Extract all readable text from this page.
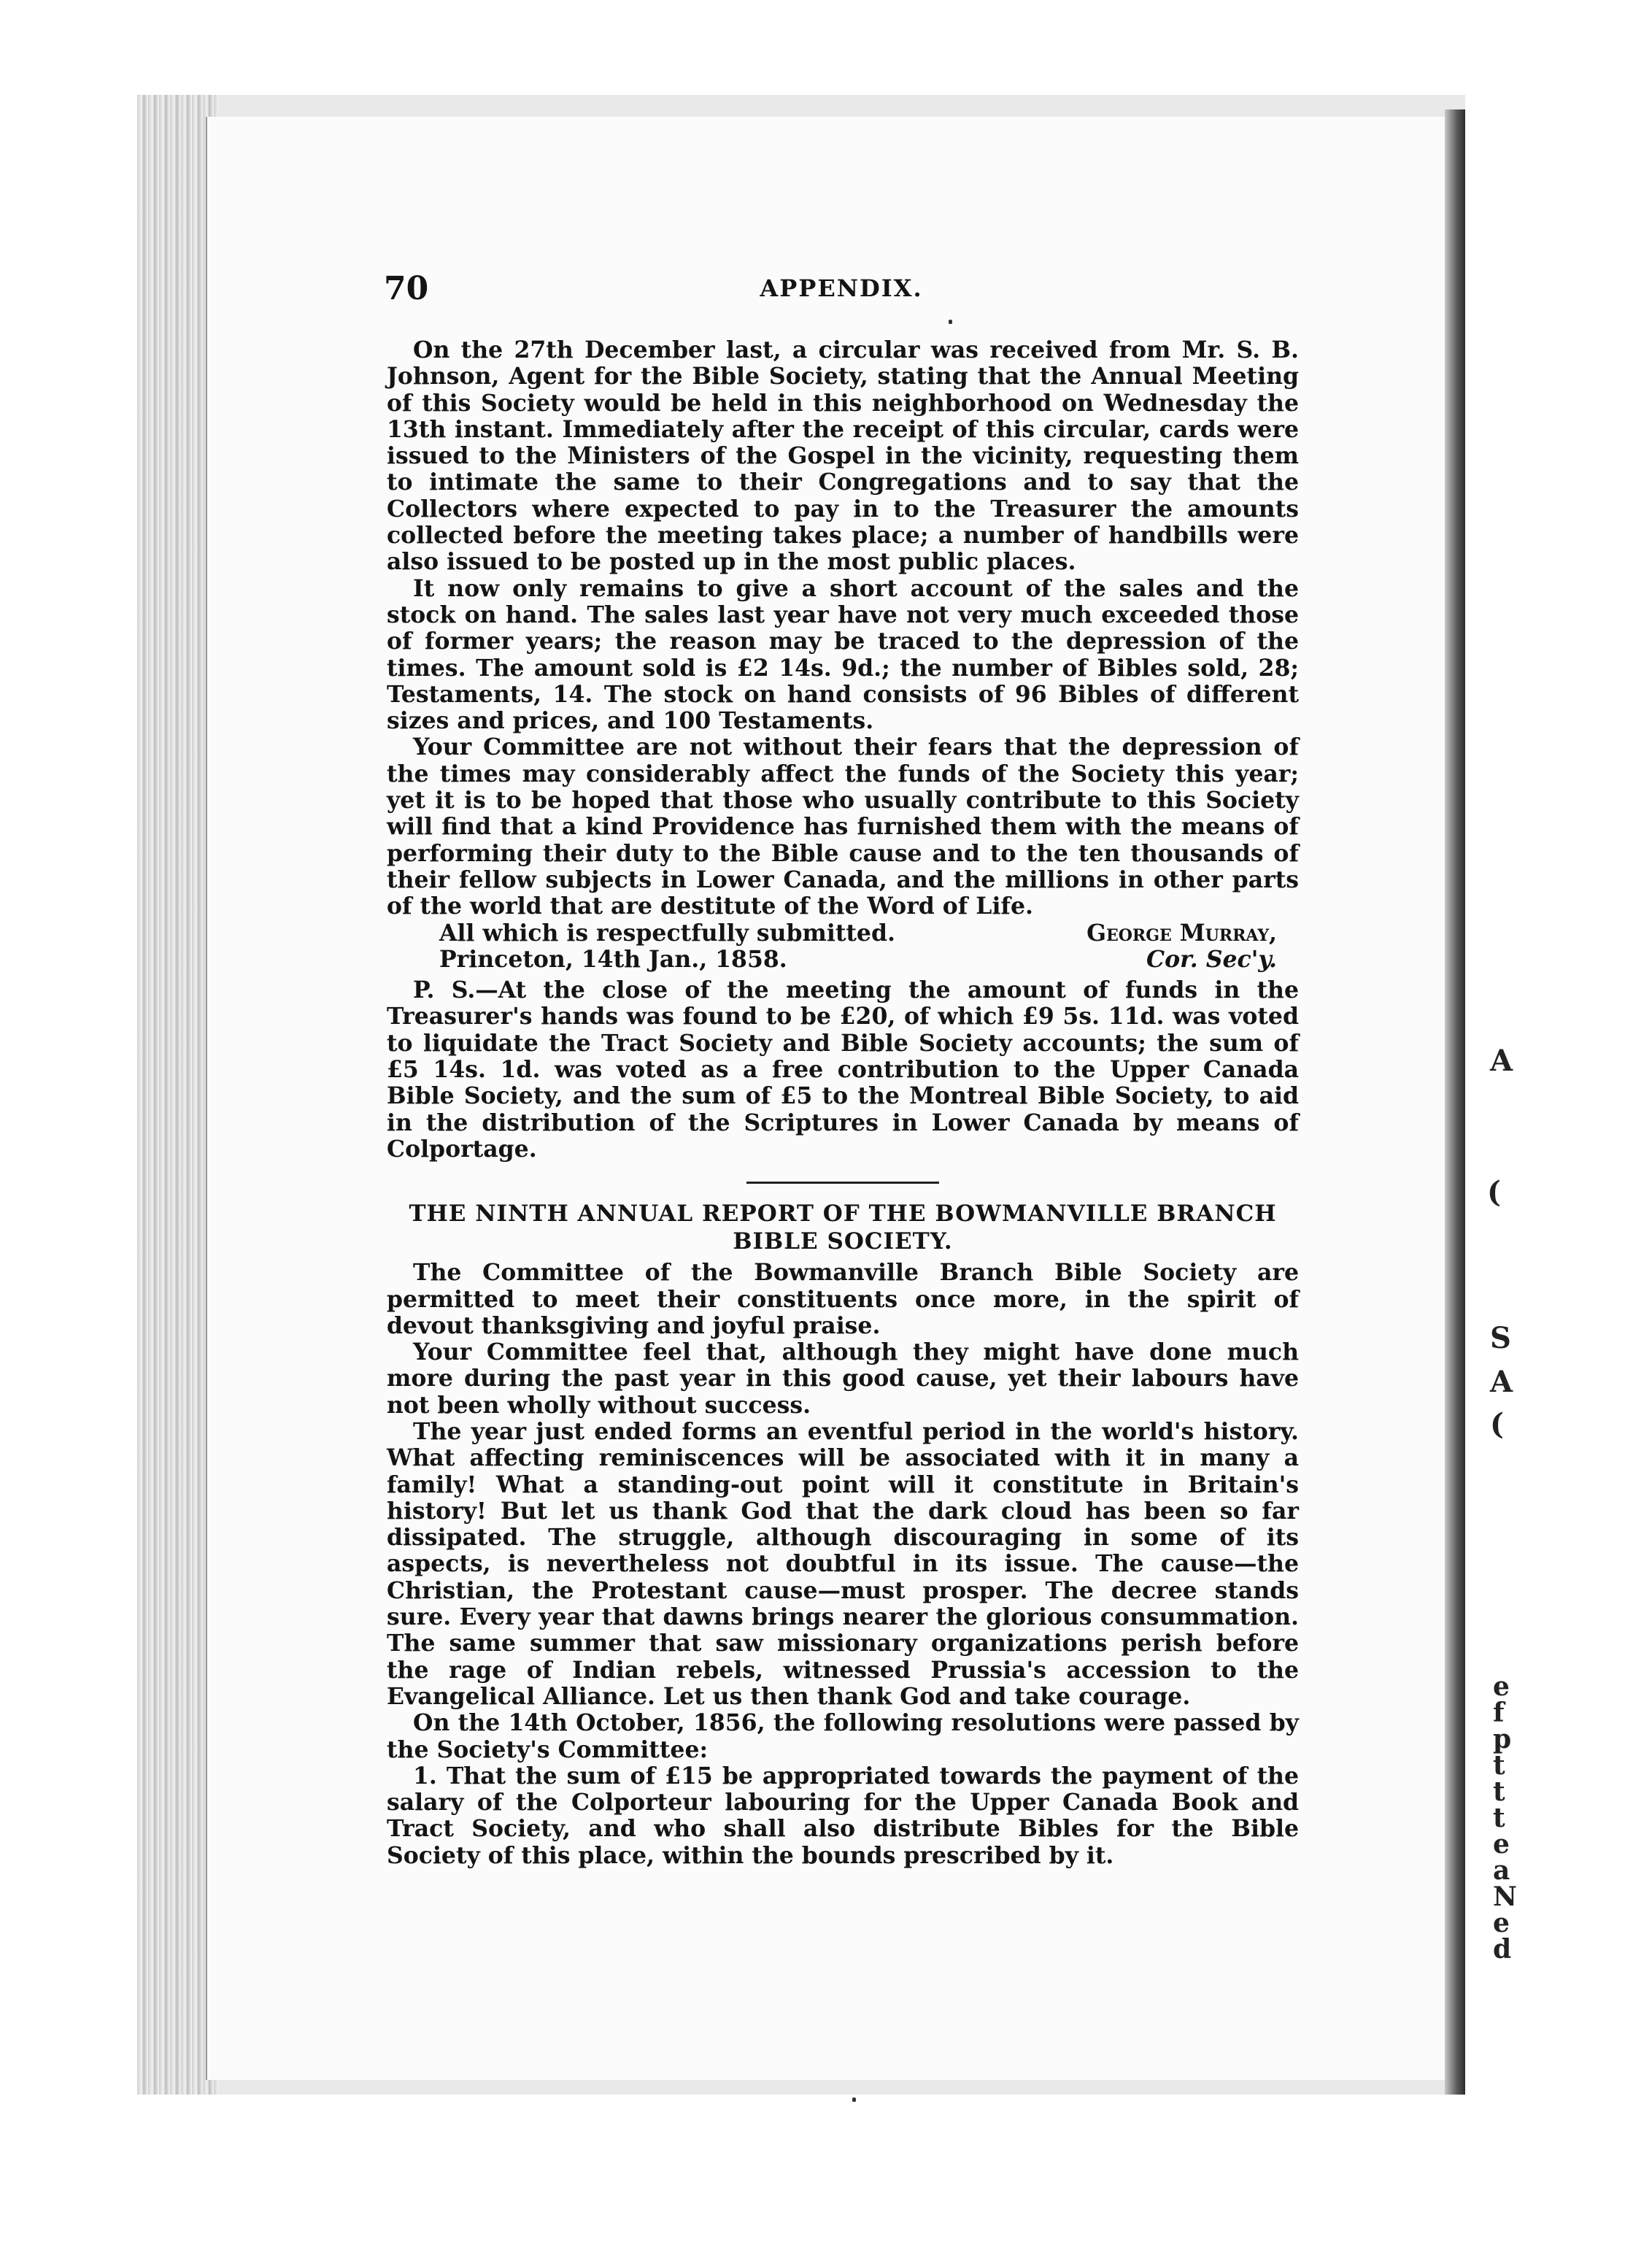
A
(
S
A
(
e
f
p
t
t
t
e
a
N
e
d
70	APPENDIX.

On the 27th December last, a circular was received from Mr. S. B. Johnson, Agent for the Bible Society, stating that the Annual Meeting of this Society would be held in this neighborhood on Wednesday the 13th instant. Immediately after the receipt of this circular, cards were issued to the Ministers of the Gospel in the vicinity, requesting them to intimate the same to their Congregations and to say that the Collectors where expected to pay in to the Treasurer the amounts collected before the meeting takes place; a number of handbills were also issued to be posted up in the most public places.

It now only remains to give a short account of the sales and the stock on hand. The sales last year have not very much exceeded those of former years; the reason may be traced to the depression of the times. The amount sold is £2 14s. 9d.; the number of Bibles sold, 28; Testaments, 14. The stock on hand consists of 96 Bibles of different sizes and prices, and 100 Testaments.

Your Committee are not without their fears that the depression of the times may considerably affect the funds of the Society this year; yet it is to be hoped that those who usually contribute to this Society will find that a kind Providence has furnished them with the means of performing their duty to the Bible cause and to the ten thousands of their fellow subjects in Lower Canada, and the millions in other parts of the world that are destitute of the Word of Life.

All which is respectfully submitted.	George Murray,
Princeton, 14th Jan., 1858.	Cor. Sec'y.

P. S.—At the close of the meeting the amount of funds in the Treasurer's hands was found to be £20, of which £9 5s. 11d. was voted to liquidate the Tract Society and Bible Society accounts; the sum of £5 14s. 1d. was voted as a free contribution to the Upper Canada Bible Society, and the sum of £5 to the Montreal Bible Society, to aid in the distribution of the Scriptures in Lower Canada by means of Colportage.

THE NINTH ANNUAL REPORT OF THE BOWMANVILLE BRANCH
BIBLE SOCIETY.

The Committee of the Bowmanville Branch Bible Society are permitted to meet their constituents once more, in the spirit of devout thanksgiving and joyful praise.

Your Committee feel that, although they might have done much more during the past year in this good cause, yet their labours have not been wholly without success.

The year just ended forms an eventful period in the world's history. What affecting reminiscences will be associated with it in many a family! What a standing-out point will it constitute in Britain's history! But let us thank God that the dark cloud has been so far dissipated. The struggle, although discouraging in some of its aspects, is nevertheless not doubtful in its issue. The cause—the Christian, the Protestant cause—must prosper. The decree stands sure. Every year that dawns brings nearer the glorious consummation. The same summer that saw missionary organizations perish before the rage of Indian rebels, witnessed Prussia's accession to the Evangelical Alliance. Let us then thank God and take courage.

On the 14th October, 1856, the following resolutions were passed by the Society's Committee:

1. That the sum of £15 be appropriated towards the payment of the salary of the Colporteur labouring for the Upper Canada Book and Tract Society, and who shall also distribute Bibles for the Bible Society of this place, within the bounds prescribed by it.
